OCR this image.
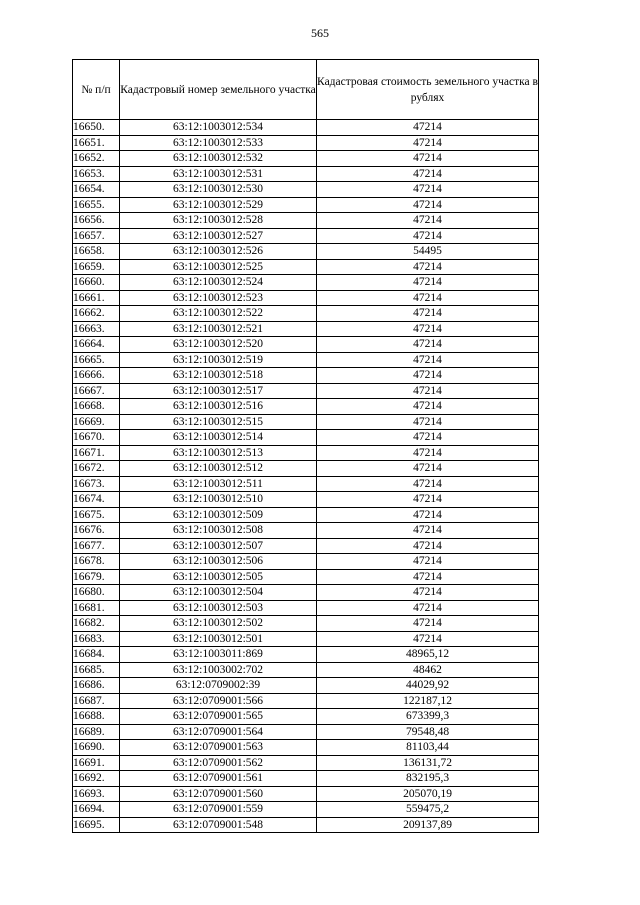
565
№ п/п	Кадастровый номер земельного участка	Кадастровая стоимость земельного участка в рублях
16650.	63:12:1003012:534	47214
16651.	63:12:1003012:533	47214
16652.	63:12:1003012:532	47214
16653.	63:12:1003012:531	47214
16654.	63:12:1003012:530	47214
16655.	63:12:1003012:529	47214
16656.	63:12:1003012:528	47214
16657.	63:12:1003012:527	47214
16658.	63:12:1003012:526	54495
16659.	63:12:1003012:525	47214
16660.	63:12:1003012:524	47214
16661.	63:12:1003012:523	47214
16662.	63:12:1003012:522	47214
16663.	63:12:1003012:521	47214
16664.	63:12:1003012:520	47214
16665.	63:12:1003012:519	47214
16666.	63:12:1003012:518	47214
16667.	63:12:1003012:517	47214
16668.	63:12:1003012:516	47214
16669.	63:12:1003012:515	47214
16670.	63:12:1003012:514	47214
16671.	63:12:1003012:513	47214
16672.	63:12:1003012:512	47214
16673.	63:12:1003012:511	47214
16674.	63:12:1003012:510	47214
16675.	63:12:1003012:509	47214
16676.	63:12:1003012:508	47214
16677.	63:12:1003012:507	47214
16678.	63:12:1003012:506	47214
16679.	63:12:1003012:505	47214
16680.	63:12:1003012:504	47214
16681.	63:12:1003012:503	47214
16682.	63:12:1003012:502	47214
16683.	63:12:1003012:501	47214
16684.	63:12:1003011:869	48965,12
16685.	63:12:1003002:702	48462
16686.	63:12:0709002:39	44029,92
16687.	63:12:0709001:566	122187,12
16688.	63:12:0709001:565	673399,3
16689.	63:12:0709001:564	79548,48
16690.	63:12:0709001:563	81103,44
16691.	63:12:0709001:562	136131,72
16692.	63:12:0709001:561	832195,3
16693.	63:12:0709001:560	205070,19
16694.	63:12:0709001:559	559475,2
16695.	63:12:0709001:548	209137,89
